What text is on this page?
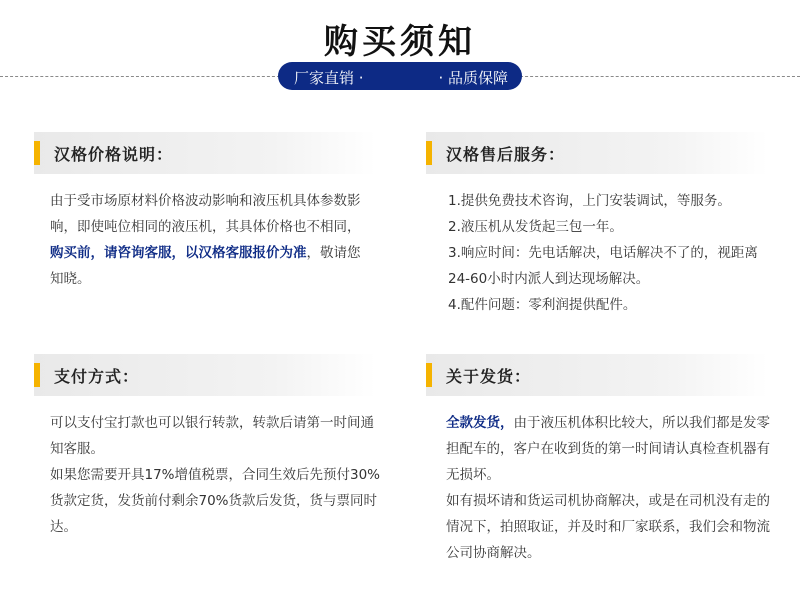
购买须知
厂家直销 ·	· 品质保障
汉格价格说明：

由于受市场原材料价格波动影响和液压机具体参数影响，即使吨位相同的液压机，其具体价格也不相同，购买前，请咨询客服，以汉格客服报价为准，敬请您知晓。

汉格售后服务：

1.提供免费技术咨询，上门安装调试，等服务。

2.液压机从发货起三包一年。

3.响应时间：先电话解决，电话解决不了的，视距离24-60小时内派人到达现场解决。

4.配件问题：零利润提供配件。

支付方式：

可以支付宝打款也可以银行转款，转款后请第一时间通知客服。

如果您需要开具17%增值税票，合同生效后先预付30%货款定货，发货前付剩余70%货款后发货，货与票同时达。

关于发货：

全款发货，由于液压机体积比较大，所以我们都是发零担配车的，客户在收到货的第一时间请认真检查机器有无损坏。

如有损坏请和货运司机协商解决，或是在司机没有走的情况下，拍照取证，并及时和厂家联系，我们会和物流公司协商解决。
